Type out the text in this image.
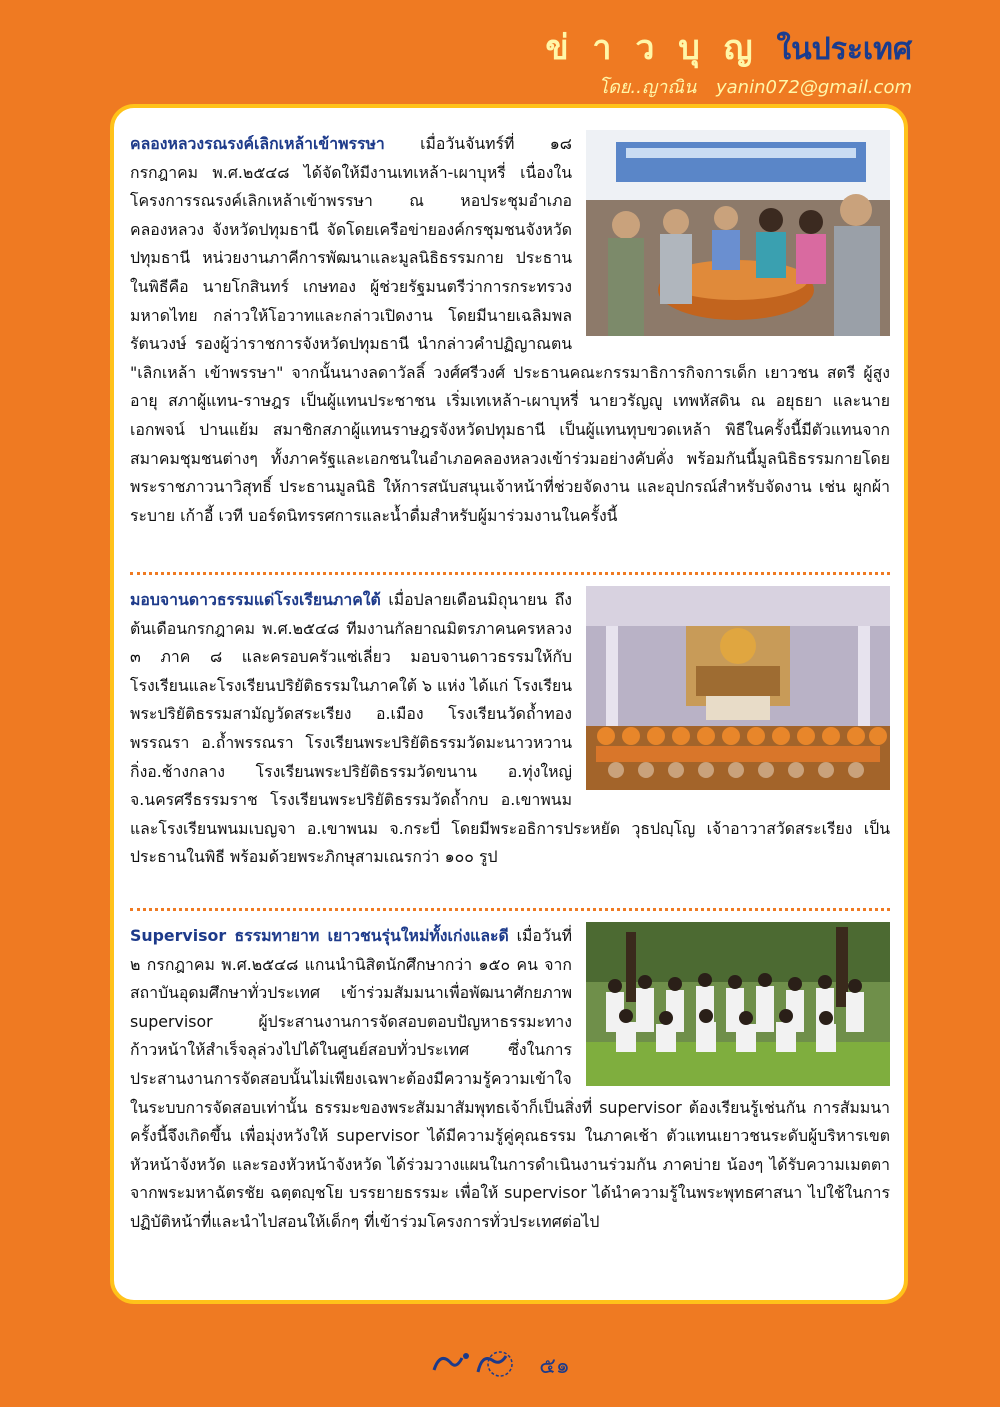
ข่ า ว บุ ญ ในประเทศ
โดย..ญาณิน yanin072@gmail.com
คลองหลวงรณรงค์เลิกเหล้าเข้าพรรษา เมื่อวันจันทร์ที่ ๑๘ กรกฎาคม พ.ศ.๒๕๔๘ ได้จัดให้มีงานเทเหล้า-เผาบุหรี่ เนื่องในโครงการรณรงค์เลิกเหล้าเข้าพรรษา ณ หอประชุมอำเภอคลองหลวง จังหวัดปทุมธานี จัดโดยเครือข่ายองค์กรชุมชนจังหวัดปทุมธานี หน่วยงานภาคีการพัฒนาและมูลนิธิธรรมกาย ประธานในพิธีคือ นายโกสินทร์ เกษทอง ผู้ช่วยรัฐมนตรีว่าการกระทรวงมหาดไทย กล่าวให้โอวาทและกล่าวเปิดงาน โดยมีนายเฉลิมพล รัตนวงษ์ รองผู้ว่าราชการจังหวัดปทุมธานี นำกล่าวคำปฏิญาณตน "เลิกเหล้า เข้าพรรษา" จากนั้นนางลดาวัลลิ์ วงศ์ศรีวงศ์ ประธานคณะกรรมาธิการกิจการเด็ก เยาวชน สตรี ผู้สูงอายุ สภาผู้แทน-ราษฎร เป็นผู้แทนประชาชน เริ่มเทเหล้า-เผาบุหรี่ นายวรัญญู เทพหัสดิน ณ อยุธยา และนายเอกพจน์ ปานแย้ม สมาชิกสภาผู้แทนราษฎรจังหวัดปทุมธานี เป็นผู้แทนทุบขวดเหล้า พิธีในครั้งนี้มีตัวแทนจากสมาคมชุมชนต่างๆ ทั้งภาครัฐและเอกชนในอำเภอคลองหลวงเข้าร่วมอย่างคับคั่ง พร้อมกันนี้มูลนิธิธรรมกายโดยพระราชภาวนาวิสุทธิ์ ประธานมูลนิธิ ให้การสนับสนุนเจ้าหน้าที่ช่วยจัดงาน และอุปกรณ์สำหรับจัดงาน เช่น ผูกผ้าระบาย เก้าอี้ เวที บอร์ดนิทรรศการและน้ำดื่มสำหรับผู้มาร่วมงานในครั้งนี้
มอบจานดาวธรรมแด่โรงเรียนภาคใต้ เมื่อปลายเดือนมิถุนายน ถึง ต้นเดือนกรกฎาคม พ.ศ.๒๕๔๘ ทีมงานกัลยาณมิตรภาคนครหลวง ๓ ภาค ๘ และครอบครัวแซ่เลี่ยว มอบจานดาวธรรมให้กับโรงเรียนและโรงเรียนปริยัติธรรมในภาคใต้ ๖ แห่ง ได้แก่ โรงเรียนพระปริยัติธรรมสามัญวัดสระเรียง อ.เมือง โรงเรียนวัดถ้ำทองพรรณรา อ.ถ้ำพรรณรา โรงเรียนพระปริยัติธรรมวัดมะนาวหวาน กิ่งอ.ช้างกลาง โรงเรียนพระปริยัติธรรมวัดขนาน อ.ทุ่งใหญ่ จ.นครศรีธรรมราช โรงเรียนพระปริยัติธรรมวัดถ้ำกบ อ.เขาพนม และโรงเรียนพนมเบญจา อ.เขาพนม จ.กระบี่ โดยมีพระอธิการประหยัด วุธปญฺโญ เจ้าอาวาสวัดสระเรียง เป็นประธานในพิธี พร้อมด้วยพระภิกษุสามเณรกว่า ๑๐๐ รูป
Supervisor ธรรมทายาท เยาวชนรุ่นใหม่ทั้งเก่งและดี เมื่อวันที่ ๒ กรกฎาคม พ.ศ.๒๕๔๘ แกนนำนิสิตนักศึกษากว่า ๑๕๐ คน จากสถาบันอุดมศึกษาทั่วประเทศ เข้าร่วมสัมมนาเพื่อพัฒนาศักยภาพ supervisor ผู้ประสานงานการจัดสอบตอบปัญหาธรรมะทางก้าวหน้าให้สำเร็จลุล่วงไปได้ในศูนย์สอบทั่วประเทศ ซึ่งในการประสานงานการจัดสอบนั้นไม่เพียงเฉพาะต้องมีความรู้ความเข้าใจในระบบการจัดสอบเท่านั้น ธรรมะของพระสัมมาสัมพุทธเจ้าก็เป็นสิ่งที่ supervisor ต้องเรียนรู้เช่นกัน การสัมมนาครั้งนี้จึงเกิดขึ้น เพื่อมุ่งหวังให้ supervisor ได้มีความรู้คู่คุณธรรม ในภาคเช้า ตัวแทนเยาวชนระดับผู้บริหารเขต หัวหน้าจังหวัด และรองหัวหน้าจังหวัด ได้ร่วมวางแผนในการดำเนินงานร่วมกัน ภาคบ่าย น้องๆ ได้รับความเมตตาจากพระมหาฉัตรชัย ฉตฺตญฺชโย บรรยายธรรมะ เพื่อให้ supervisor ได้นำความรู้ในพระพุทธศาสนา ไปใช้ในการปฏิบัติหน้าที่และนำไปสอนให้เด็กๆ ที่เข้าร่วมโครงการทั่วประเทศต่อไป
๕๑
